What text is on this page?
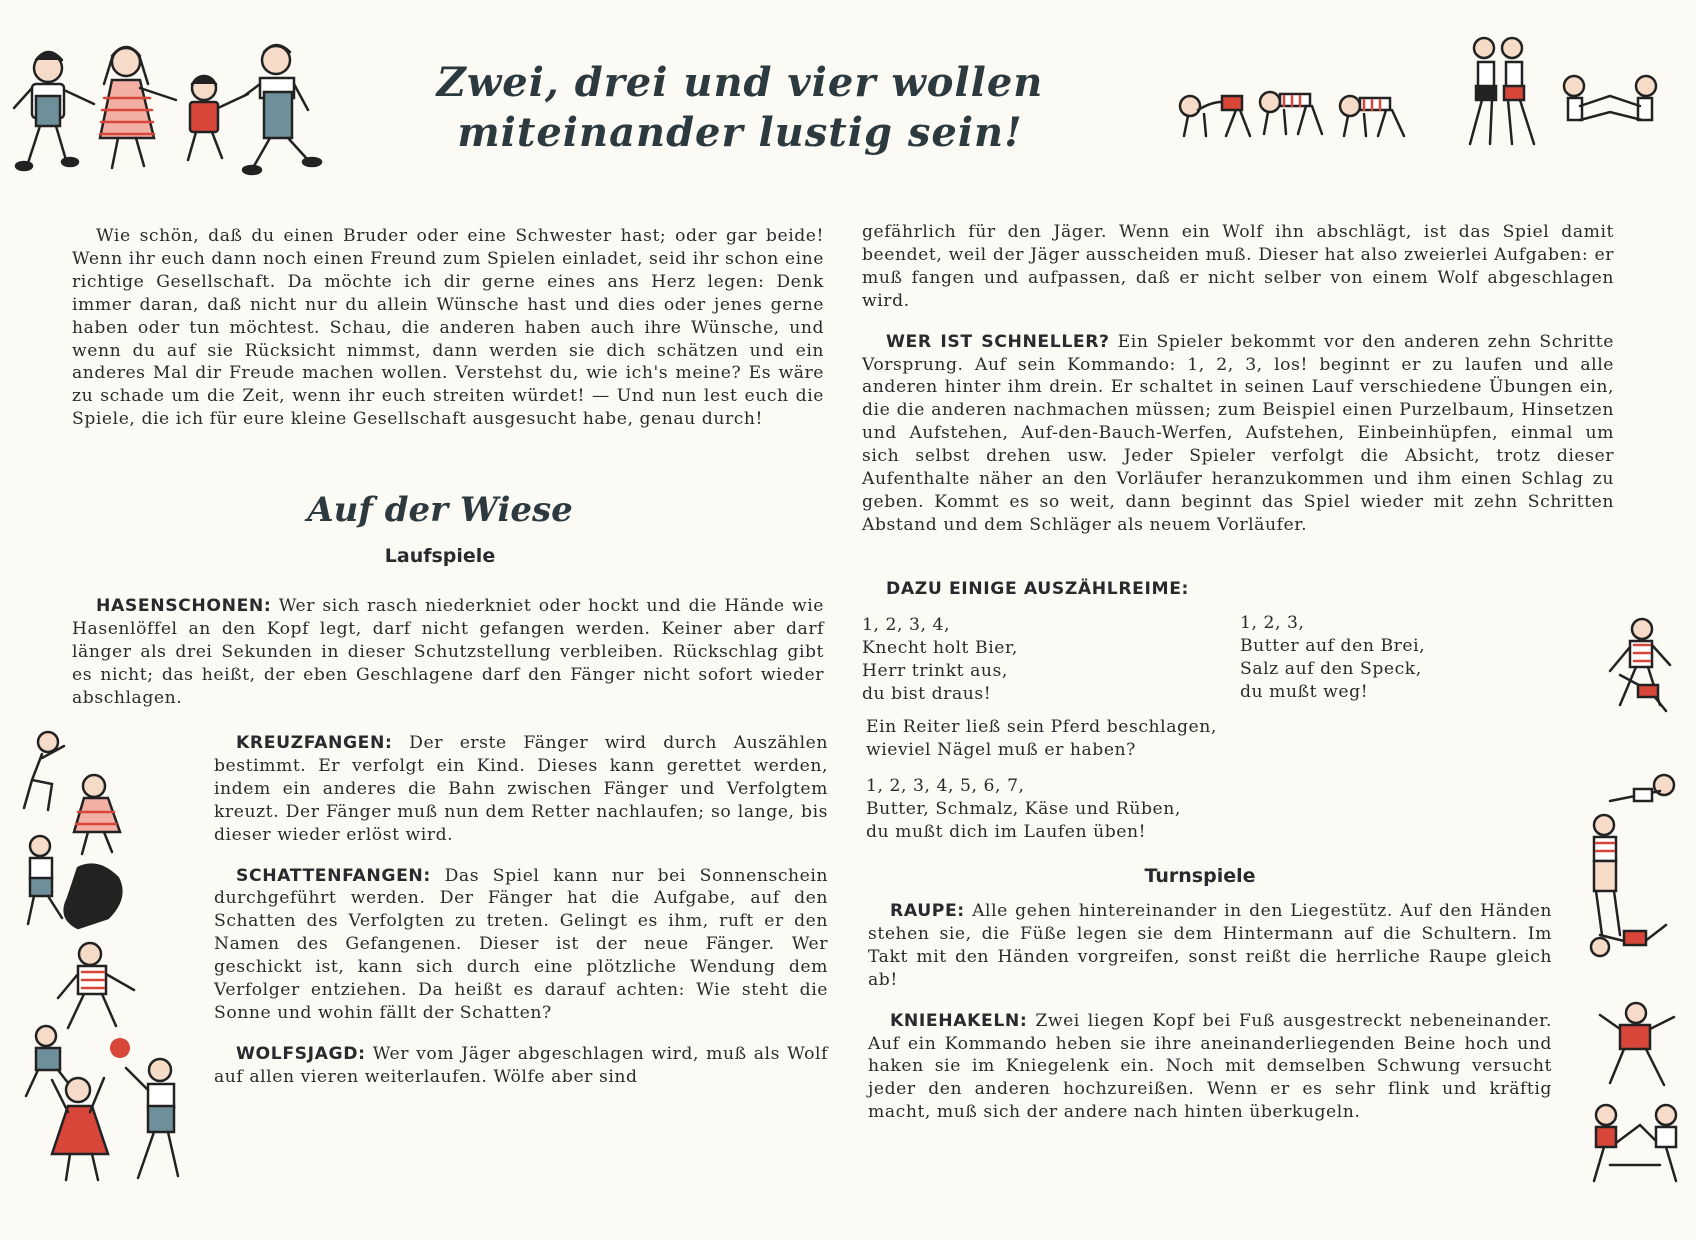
Zwei, drei und vier wollen
miteinander lustig sein!

Wie schön, daß du einen Bruder oder eine Schwester hast; oder gar beide! Wenn ihr euch dann noch einen Freund zum Spielen einladet, seid ihr schon eine richtige Gesellschaft. Da möchte ich dir gerne eines ans Herz legen: Denk immer daran, daß nicht nur du allein Wünsche hast und dies oder jenes gerne haben oder tun möchtest. Schau, die anderen haben auch ihre Wünsche, und wenn du auf sie Rücksicht nimmst, dann werden sie dich schätzen und ein anderes Mal dir Freude machen wollen. Verstehst du, wie ich's meine? Es wäre zu schade um die Zeit, wenn ihr euch streiten würdet! — Und nun lest euch die Spiele, die ich für eure kleine Gesellschaft ausgesucht habe, genau durch!

Auf der Wiese
Laufspiele

HASENSCHONEN: Wer sich rasch niederkniet oder hockt und die Hände wie Hasenlöffel an den Kopf legt, darf nicht gefangen werden. Keiner aber darf länger als drei Sekunden in dieser Schutzstellung verbleiben. Rückschlag gibt es nicht; das heißt, der eben Geschlagene darf den Fänger nicht sofort wieder abschlagen.

KREUZFANGEN: Der erste Fänger wird durch Auszählen bestimmt. Er verfolgt ein Kind. Dieses kann gerettet werden, indem ein anderes die Bahn zwischen Fänger und Verfolgtem kreuzt. Der Fänger muß nun dem Retter nachlaufen; so lange, bis dieser wieder erlöst wird.

SCHATTENFANGEN: Das Spiel kann nur bei Sonnenschein durchgeführt werden. Der Fänger hat die Aufgabe, auf den Schatten des Verfolgten zu treten. Gelingt es ihm, ruft er den Namen des Gefangenen. Dieser ist der neue Fänger. Wer geschickt ist, kann sich durch eine plötzliche Wendung dem Verfolger entziehen. Da heißt es darauf achten: Wie steht die Sonne und wohin fällt der Schatten?

WOLFSJAGD: Wer vom Jäger abgeschlagen wird, muß als Wolf auf allen vieren weiterlaufen. Wölfe aber sind

gefährlich für den Jäger. Wenn ein Wolf ihn abschlägt, ist das Spiel damit beendet, weil der Jäger ausscheiden muß. Dieser hat also zweierlei Aufgaben: er muß fangen und aufpassen, daß er nicht selber von einem Wolf abgeschlagen wird.

WER IST SCHNELLER? Ein Spieler bekommt vor den anderen zehn Schritte Vorsprung. Auf sein Kommando: 1, 2, 3, los! beginnt er zu laufen und alle anderen hinter ihm drein. Er schaltet in seinen Lauf verschiedene Übungen ein, die die anderen nachmachen müssen; zum Beispiel einen Purzelbaum, Hinsetzen und Aufstehen, Auf-den-Bauch-Werfen, Aufstehen, Einbeinhüpfen, einmal um sich selbst drehen usw. Jeder Spieler verfolgt die Absicht, trotz dieser Aufenthalte näher an den Vorläufer heranzukommen und ihm einen Schlag zu geben. Kommt es so weit, dann beginnt das Spiel wieder mit zehn Schritten Abstand und dem Schläger als neuem Vorläufer.

DAZU EINIGE AUSZÄHLREIME:
1, 2, 3, 4,
Knecht holt Bier,
Herr trinkt aus,
du bist draus!
1, 2, 3,
Butter auf den Brei,
Salz auf den Speck,
du mußt weg!
Ein Reiter ließ sein Pferd beschlagen,
wieviel Nägel muß er haben?
1, 2, 3, 4, 5, 6, 7,
Butter, Schmalz, Käse und Rüben,
du mußt dich im Laufen üben!
Turnspiele

RAUPE: Alle gehen hintereinander in den Liegestütz. Auf den Händen stehen sie, die Füße legen sie dem Hintermann auf die Schultern. Im Takt mit den Händen vorgreifen, sonst reißt die herrliche Raupe gleich ab!

KNIEHAKELN: Zwei liegen Kopf bei Fuß ausgestreckt nebeneinander. Auf ein Kommando heben sie ihre aneinanderliegenden Beine hoch und haken sie im Kniegelenk ein. Noch mit demselben Schwung versucht jeder den anderen hochzureißen. Wenn er es sehr flink und kräftig macht, muß sich der andere nach hinten überkugeln.
